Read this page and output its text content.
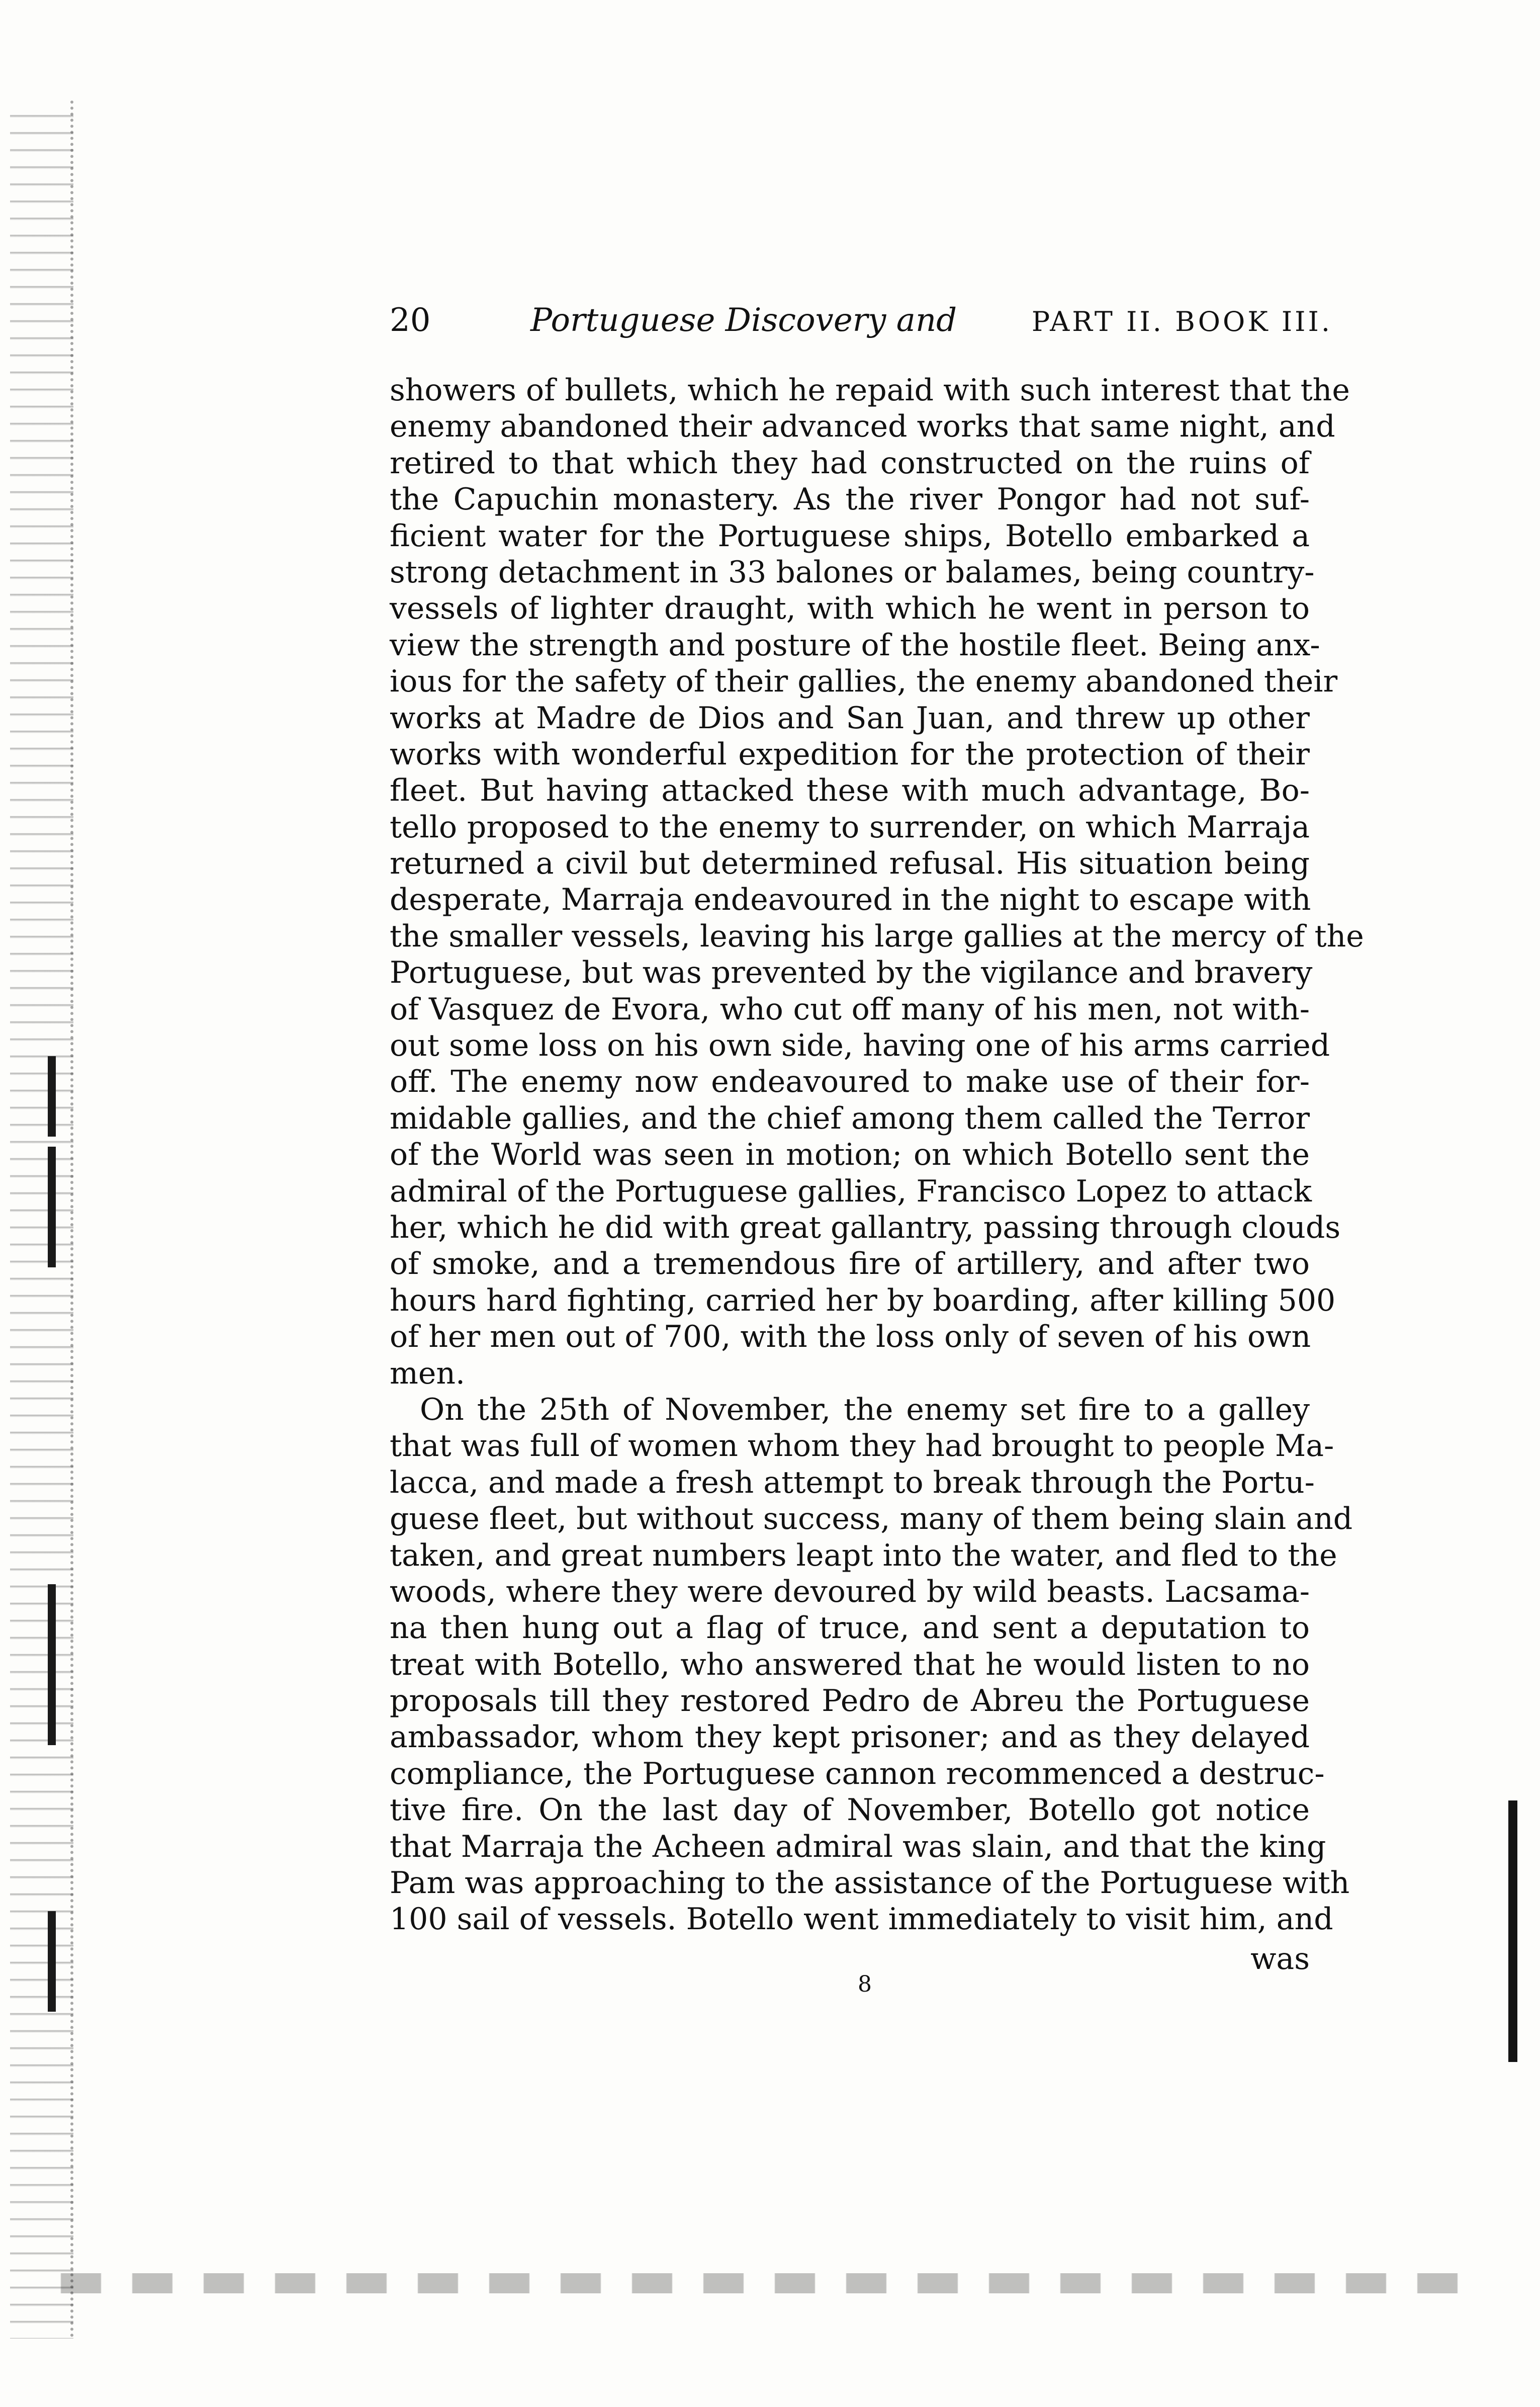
20	Portuguese Discovery and	PART II. BOOK III.
showers of bullets, which he repaid with such interest that the
enemy abandoned their advanced works that same night, and
retired to that which they had constructed on the ruins of
the Capuchin monastery. As the river Pongor had not suf-
ficient water for the Portuguese ships, Botello embarked a
strong detachment in 33 balones or balames, being country-
vessels of lighter draught, with which he went in person to
view the strength and posture of the hostile fleet. Being anx-
ious for the safety of their gallies, the enemy abandoned their
works at Madre de Dios and San Juan, and threw up other
works with wonderful expedition for the protection of their
fleet. But having attacked these with much advantage, Bo-
tello proposed to the enemy to surrender, on which Marraja
returned a civil but determined refusal. His situation being
desperate, Marraja endeavoured in the night to escape with
the smaller vessels, leaving his large gallies at the mercy of the
Portuguese, but was prevented by the vigilance and bravery
of Vasquez de Evora, who cut off many of his men, not with-
out some loss on his own side, having one of his arms carried
off. The enemy now endeavoured to make use of their for-
midable gallies, and the chief among them called the Terror
of the World was seen in motion; on which Botello sent the
admiral of the Portuguese gallies, Francisco Lopez to attack
her, which he did with great gallantry, passing through clouds
of smoke, and a tremendous fire of artillery, and after two
hours hard fighting, carried her by boarding, after killing 500
of her men out of 700, with the loss only of seven of his own
men.
On the 25th of November, the enemy set fire to a galley
that was full of women whom they had brought to people Ma-
lacca, and made a fresh attempt to break through the Portu-
guese fleet, but without success, many of them being slain and
taken, and great numbers leapt into the water, and fled to the
woods, where they were devoured by wild beasts. Lacsama-
na then hung out a flag of truce, and sent a deputation to
treat with Botello, who answered that he would listen to no
proposals till they restored Pedro de Abreu the Portuguese
ambassador, whom they kept prisoner; and as they delayed
compliance, the Portuguese cannon recommenced a destruc-
tive fire. On the last day of November, Botello got notice
that Marraja the Acheen admiral was slain, and that the king
Pam was approaching to the assistance of the Portuguese with
100 sail of vessels. Botello went immediately to visit him, and
was
8
